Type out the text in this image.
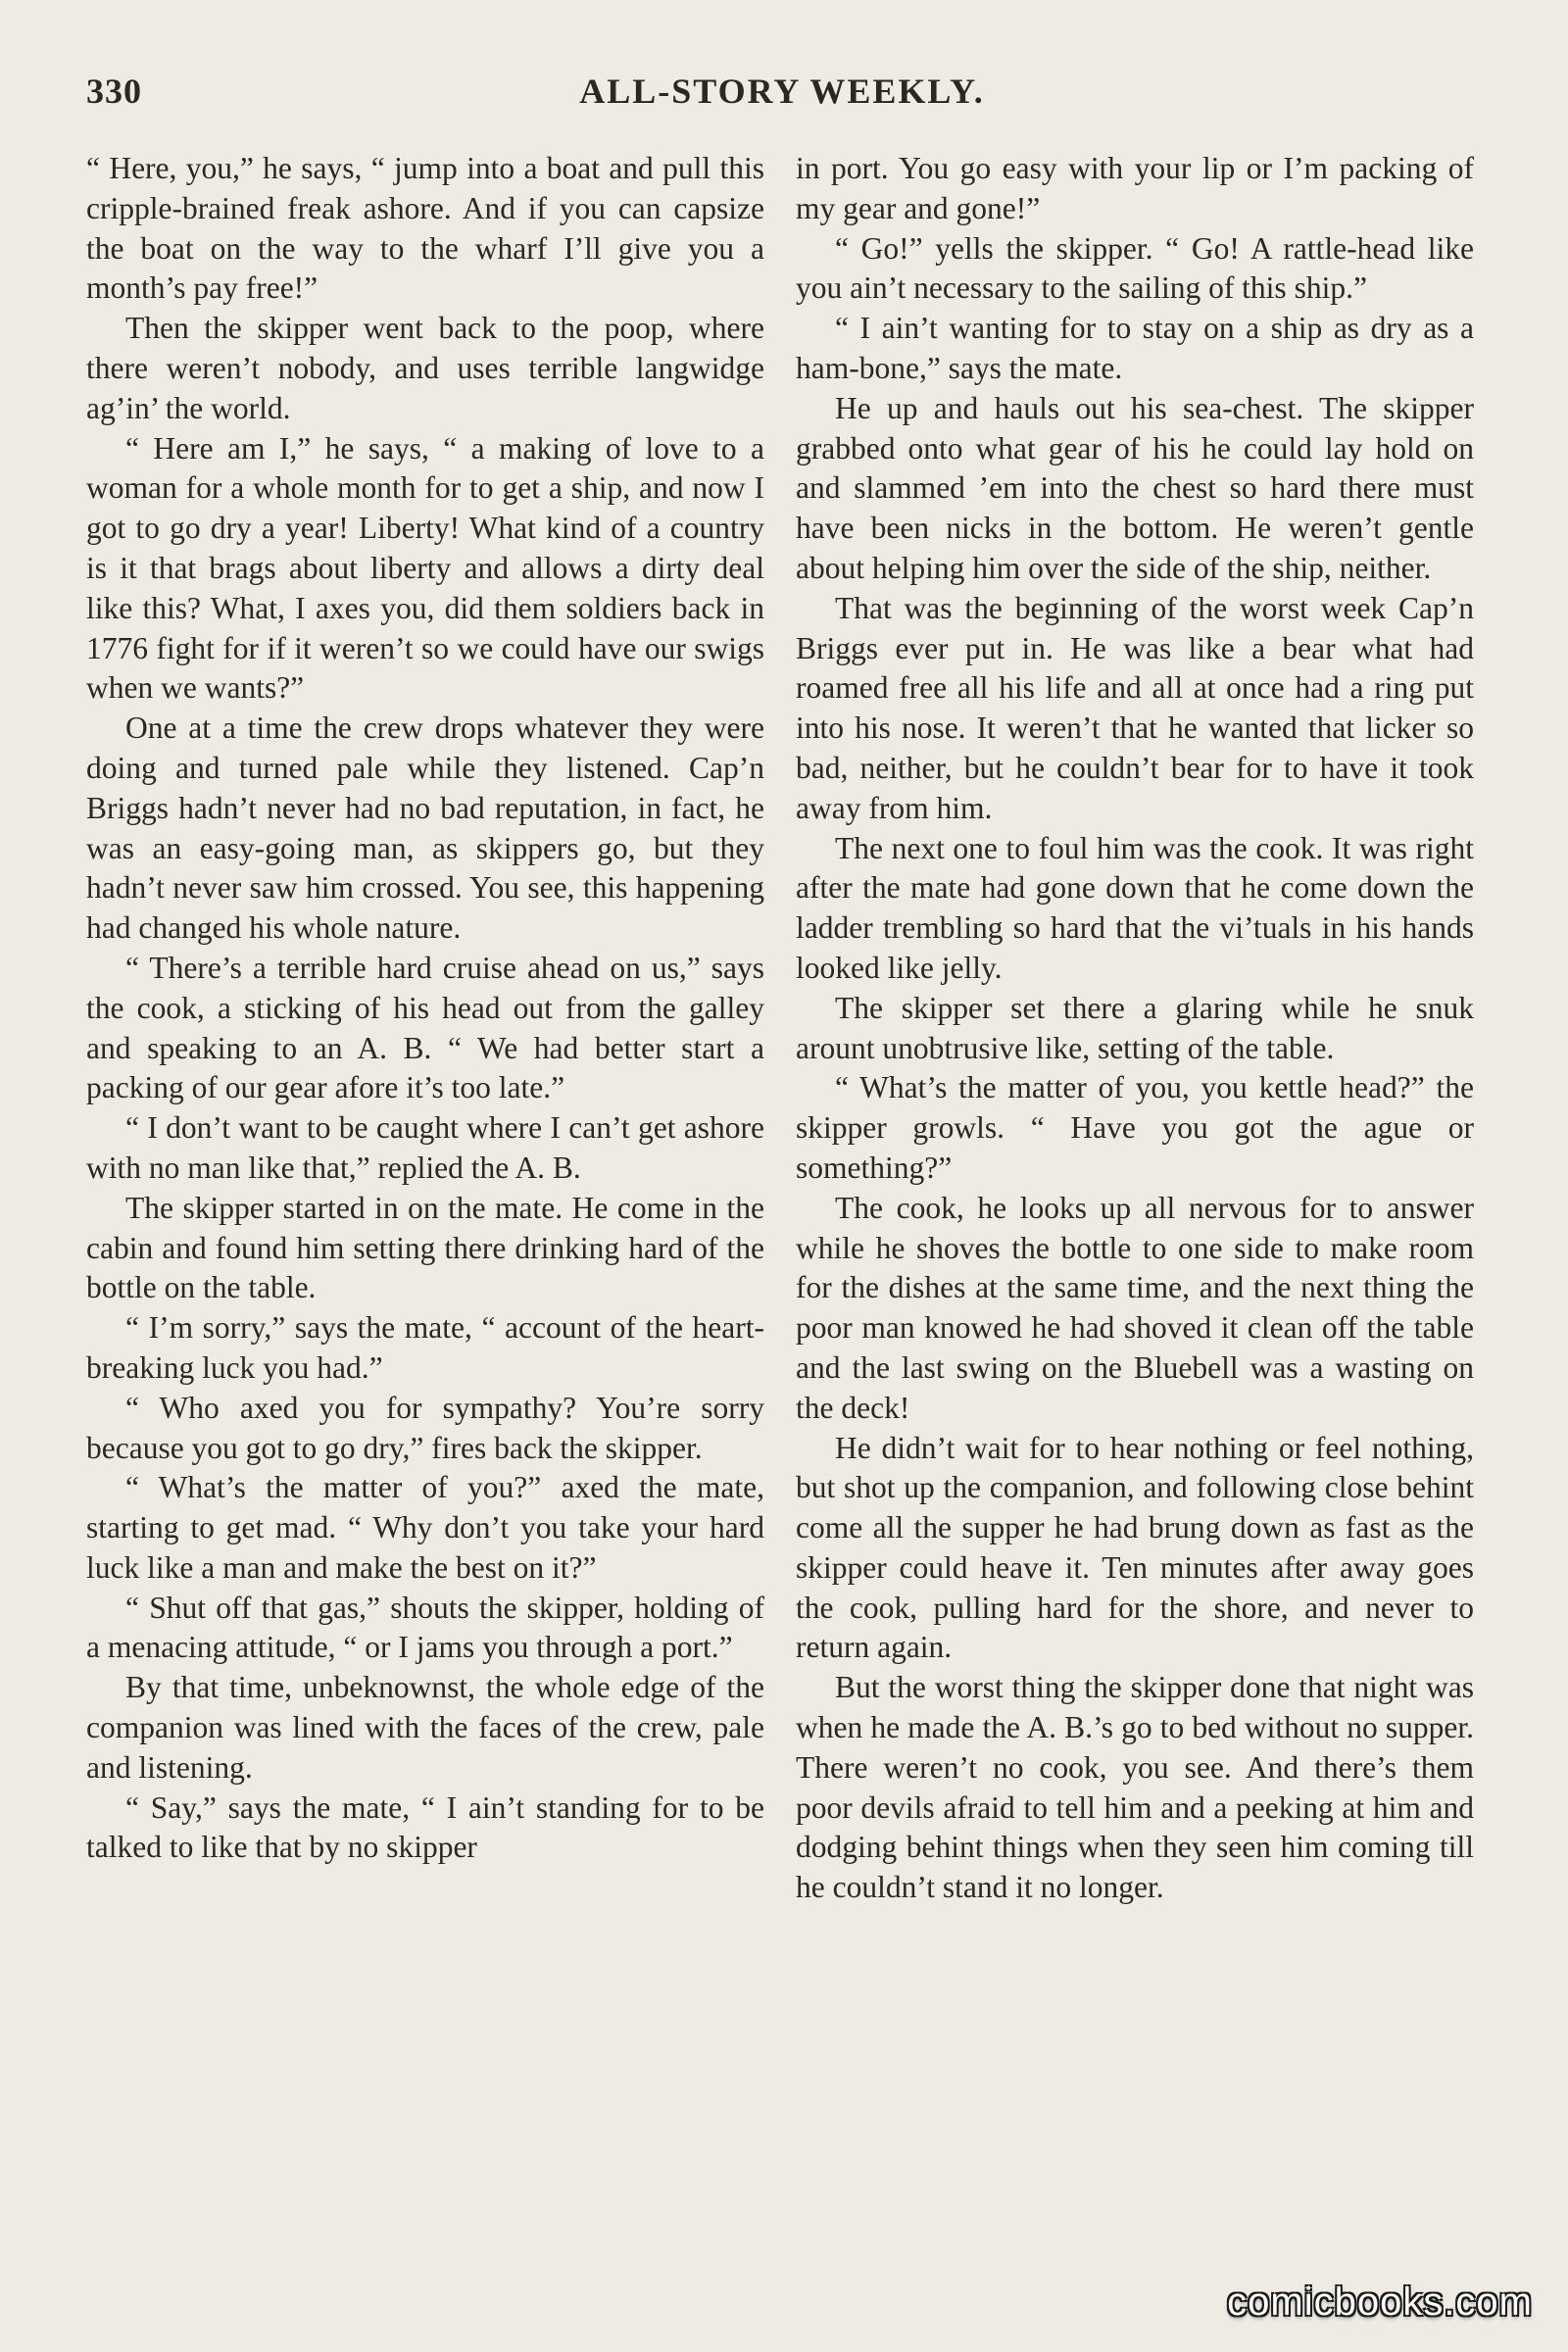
330	ALL-STORY WEEKLY.

“ Here, you,” he says, “ jump into a boat and pull this cripple-brained freak ashore. And if you can capsize the boat on the way to the wharf I’ll give you a month’s pay free!”

Then the skipper went back to the poop, where there weren’t nobody, and uses terrible langwidge ag’in’ the world.

“ Here am I,” he says, “ a making of love to a woman for a whole month for to get a ship, and now I got to go dry a year! Liberty! What kind of a country is it that brags about liberty and allows a dirty deal like this? What, I axes you, did them soldiers back in 1776 fight for if it weren’t so we could have our swigs when we wants?”

One at a time the crew drops whatever they were doing and turned pale while they listened. Cap’n Briggs hadn’t never had no bad reputation, in fact, he was an easy-going man, as skippers go, but they hadn’t never saw him crossed. You see, this happening had changed his whole nature.

“ There’s a terrible hard cruise ahead on us,” says the cook, a sticking of his head out from the galley and speaking to an A. B. “ We had better start a packing of our gear afore it’s too late.”

“ I don’t want to be caught where I can’t get ashore with no man like that,” replied the A. B.

The skipper started in on the mate. He come in the cabin and found him setting there drinking hard of the bottle on the table.

“ I’m sorry,” says the mate, “ account of the heart-breaking luck you had.”

“ Who axed you for sympathy? You’re sorry because you got to go dry,” fires back the skipper.

“ What’s the matter of you?” axed the mate, starting to get mad. “ Why don’t you take your hard luck like a man and make the best on it?”

“ Shut off that gas,” shouts the skipper, holding of a menacing attitude, “ or I jams you through a port.”

By that time, unbeknownst, the whole edge of the companion was lined with the faces of the crew, pale and listening.

“ Say,” says the mate, “ I ain’t standing for to be talked to like that by no skipper

in port. You go easy with your lip or I’m packing of my gear and gone!”

“ Go!” yells the skipper. “ Go! A rattle-head like you ain’t necessary to the sailing of this ship.”

“ I ain’t wanting for to stay on a ship as dry as a ham-bone,” says the mate.

He up and hauls out his sea-chest. The skipper grabbed onto what gear of his he could lay hold on and slammed ’em into the chest so hard there must have been nicks in the bottom. He weren’t gentle about helping him over the side of the ship, neither.

That was the beginning of the worst week Cap’n Briggs ever put in. He was like a bear what had roamed free all his life and all at once had a ring put into his nose. It weren’t that he wanted that licker so bad, neither, but he couldn’t bear for to have it took away from him.

The next one to foul him was the cook. It was right after the mate had gone down that he come down the ladder trembling so hard that the vi’tuals in his hands looked like jelly.

The skipper set there a glaring while he snuk arount unobtrusive like, setting of the table.

“ What’s the matter of you, you kettle head?” the skipper growls. “ Have you got the ague or something?”

The cook, he looks up all nervous for to answer while he shoves the bottle to one side to make room for the dishes at the same time, and the next thing the poor man knowed he had shoved it clean off the table and the last swing on the Bluebell was a wasting on the deck!

He didn’t wait for to hear nothing or feel nothing, but shot up the companion, and following close behint come all the supper he had brung down as fast as the skipper could heave it. Ten minutes after away goes the cook, pulling hard for the shore, and never to return again.

But the worst thing the skipper done that night was when he made the A. B.’s go to bed without no supper. There weren’t no cook, you see. And there’s them poor devils afraid to tell him and a peeking at him and dodging behint things when they seen him coming till he couldn’t stand it no longer.

comicbooks.com
